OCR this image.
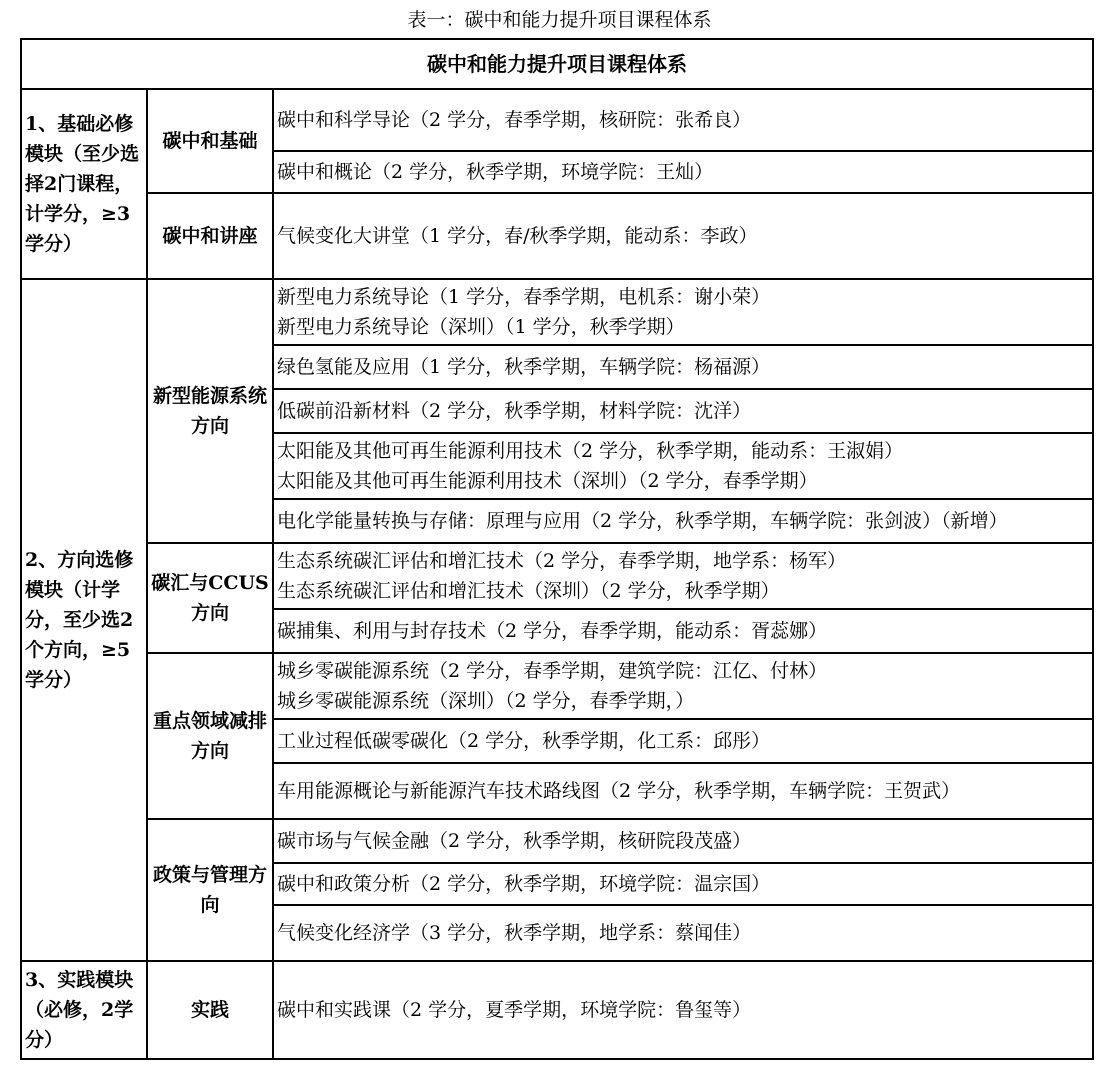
表一：碳中和能力提升项目课程体系
碳中和能力提升项目课程体系		
1、基础必修模块（至少选择2门课程，计学分，≥3学分）	碳中和基础	碳中和科学导论（2 学分，春季学期，核研院：张希良）

		碳中和概论（2 学分，秋季学期，环境学院：王灿）

	碳中和讲座	气候变化大讲堂（1 学分，春/秋季学期，能动系：李政）

2、方向选修模块（计学分，至少选2个方向，≥5学分）	新型能源系统方向	新型电力系统导论（1 学分，春季学期，电机系：谢小荣）
新型电力系统导论（深圳）（1 学分，秋季学期）

		绿色氢能及应用（1 学分，秋季学期，车辆学院：杨福源）

		低碳前沿新材料（2 学分，秋季学期，材料学院：沈洋）

		太阳能及其他可再生能源利用技术（2 学分，秋季学期，能动系：王淑娟）
太阳能及其他可再生能源利用技术（深圳）（2 学分，春季学期）

		电化学能量转换与存储：原理与应用（2 学分，秋季学期，车辆学院：张剑波）（新增）

	碳汇与CCUS 方向	生态系统碳汇评估和增汇技术（2 学分，春季学期，地学系：杨军）
生态系统碳汇评估和增汇技术（深圳）（2 学分，秋季学期）

		碳捕集、利用与封存技术（2 学分，春季学期，能动系：胥蕊娜）

	重点领域减排方向	城乡零碳能源系统（2 学分，春季学期，建筑学院：江亿、付林）
城乡零碳能源系统（深圳）（2 学分，春季学期，）

		工业过程低碳零碳化（2 学分，秋季学期，化工系：邱彤）

		车用能源概论与新能源汽车技术路线图（2 学分，秋季学期，车辆学院：王贺武）

	政策与管理方向	碳市场与气候金融（2 学分，秋季学期，核研院段茂盛）

		碳中和政策分析（2 学分，秋季学期，环境学院：温宗国）

		气候变化经济学（3 学分，秋季学期，地学系：蔡闻佳）

3、实践模块（必修，2学分）	实践	碳中和实践课（2 学分，夏季学期，环境学院：鲁玺等）
